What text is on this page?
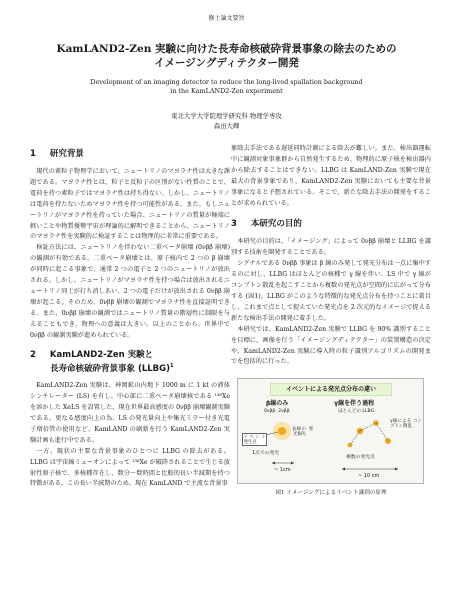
修士論文要旨
KamLAND2-Zen 実験に向けた長寿命核破砕背景事象の除去のための
イメージングディテクター開発
Development of an imaging detector to reduce the long-lived spallation background
in the KamLAND2-Zen experiment
東北大学大学院理学研究科 物理学専攻
森田大輝
1 研究背景

現代の素粒子物理学において、ニュートリノのマヨラナ性は大きな課題である。マヨラナ性とは、粒子と反粒子の区別がない性質のことで、電荷を持つ素粒子ではマヨラナ性は持ち得ない。しかし、ニュートリノは電荷を持たないためマヨラナ性を持つ可能性がある。また、もしニュートリノがマヨラナ性を持っていた場合、ニュートリノの質量が極端に軽いことや物質優勢宇宙が理論的に解明できることから、ニュートリノのマヨラナ性を実験的に検証することは物理的に非常に重要である。

検証方法には、ニュートリノを伴わない二重ベータ崩壊 (0νββ 崩壊) の観測が有効である。二重ベータ崩壊とは、原子核内で 2 つの β 崩壊が同時に起こる事象で、通常 2 つの電子と 2 つのニュートリノが放出される。しかし、ニュートリノがマヨラナ性を持つ場合は放出されるニュートリノ同士が打ち消しあい、2 つの電子だけが放出される 0νββ 崩壊が起こる。そのため、0νββ 崩壊の観測でマヨラナ性を直接証明できる。また、0νββ 崩壊の観測ではニュートリノ質量の階層性に制限を与えることもでき、物理への意義は大きい。以上のことから、世界中で 0νββ の観測実験が進められている。

2 KamLAND2-Zen 実験と
長寿命核破砕背景事象 (LLBG)$^1$

KamLAND2-Zen 実験は、神岡鉱山内地下 1000 m に 1 kt の液体シンチレーター (LS) を有し、中心部に二重ベータ崩壊核である ¹³⁶Xe を溶かした XeLS を設置した、現在世界最高感度の 0νββ 崩壊観測実験である。更なる感度向上の為、LS の発光量向上や集光ミラー付き光電子増倍管の使用など、KamLAND の刷新を行う KamLAND2-Zen 実験計画も進行中である。

一方、現状の主要な背景事象のひとつに LLBG の除去がある。LLBG は宇宙線ミューオンによって ¹³⁶Xe が破砕されることで生じる放射性原子核で、多核種存在し、数分〜数時間と比較的長い半減期を持つ特徴がある。この長い半減期のため、現在 KamLAND で主流な背景事

象除去手法である遅延同時計測による除去が難しい。また、検出器運転中に観測対象事象群から自然発生するため、物理的に原子核を検出器内から除去することはできない。LLBG は KamLAND-Zen 実験で現在最大の背景事象であり、KamLAND2-Zen 実験においても主要な背景事象になると予想されている。そこで、新たな除去手法の開発をすることが求められている。

3 本研究の目的

本研究の目的は、「イメージング」によって 0νββ 崩壊と LLBG を識別する技術を開発することである。

シグナルである 0νββ 事象は β 線のみ発して発光分布は一点に集中するのに対し、LLBG はほとんどの核種で γ 線を伴い、LS 中で γ 線がコンプトン散乱を起こすことから複数の発光点が空間的に広がって分布する (図1)。LLBG がこのような特徴的な発光点分布を持つことに着目し、これまで点として捉えていた発光点を 2 次元的なイメージで捉える新たな検出手法の開発に着手した。

本研究では、KamLAND2-Zen 実験で LLBG を 90% 識別することを目標に、画像を行う「イメージングディテクター」の装置構造の決定や、KamLAND2-Zen 実験に導入時の粒子識別アルゴリズムの開発までを包括的に行った。

イベントによる発光点分布の違い
β線のみ
0νββ, 2νββ
γ線を伴う過程
ほとんどの LLBG
イベント 発生点
β線の 発光損失
γ線による コンプトン散乱
1点での発光
複数の発光点
~ 1cm
~ 10 cm
図1 イメージングによるイベント識別の原理
